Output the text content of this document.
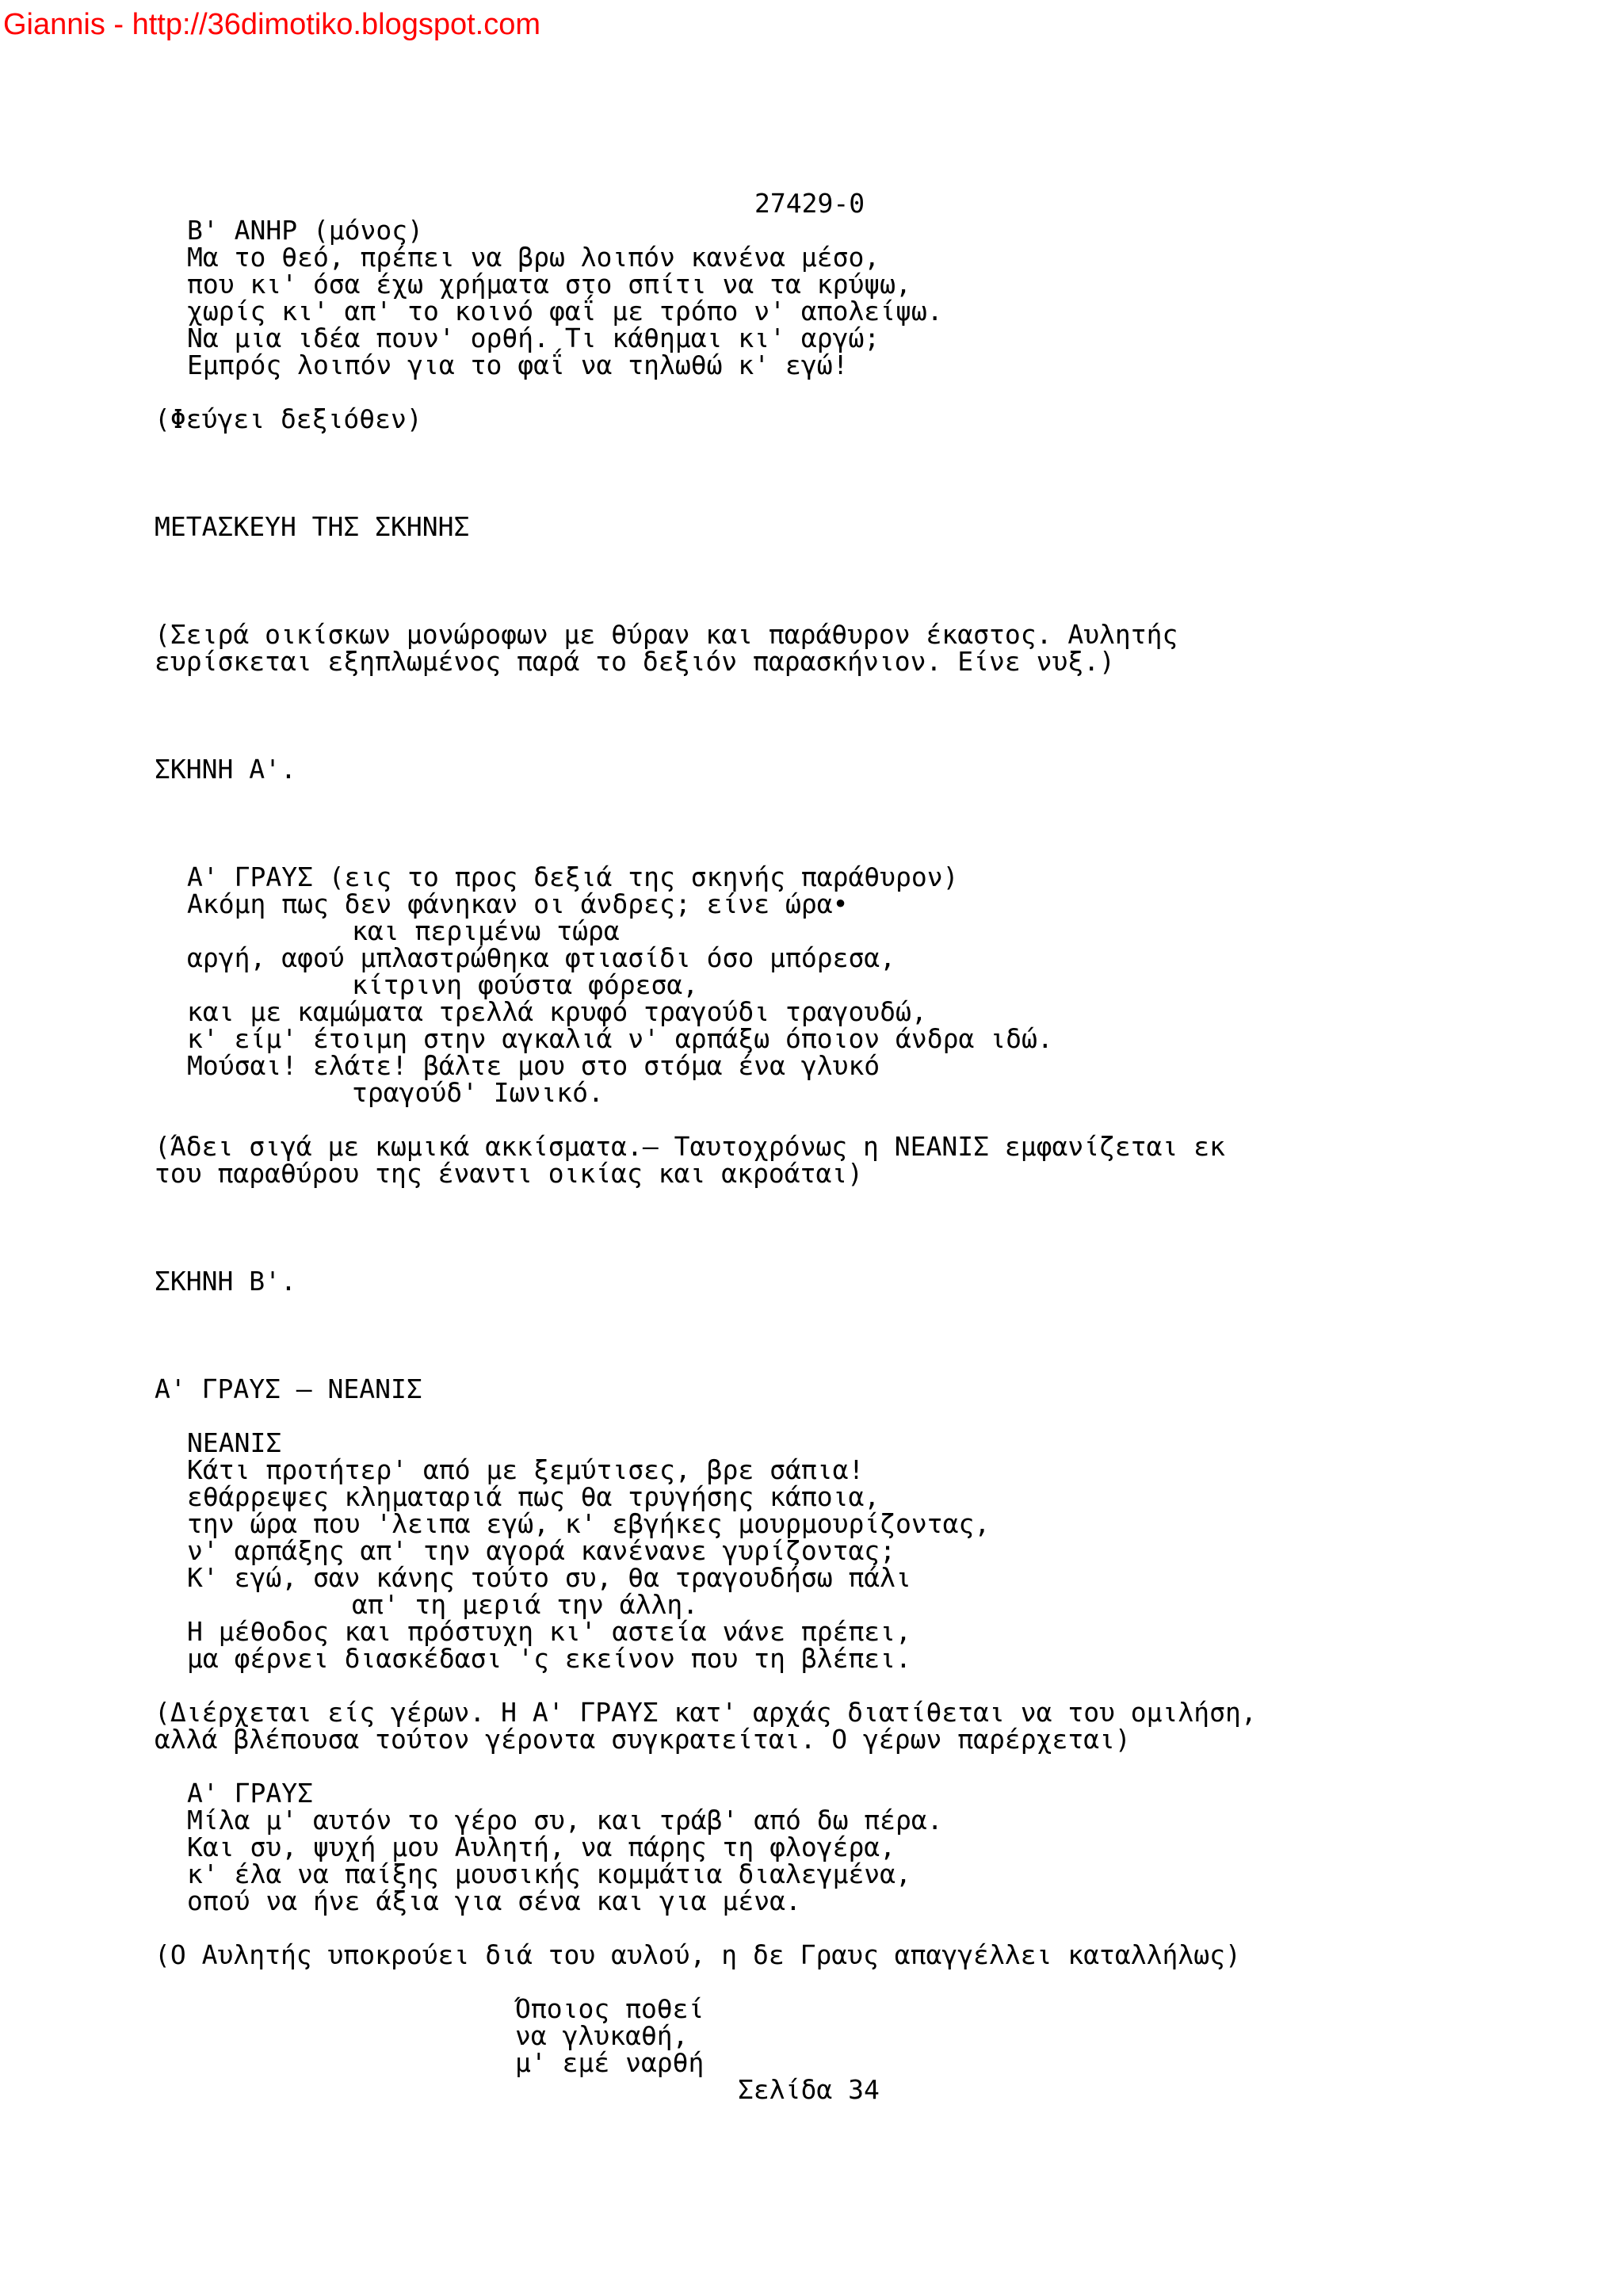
Giannis - http://36dimotiko.blogspot.com
27429-0
Β' ΑΝΗΡ (μόνος)
Μα το θεό, πρέπει να βρω λοιπόν κανένα μέσο,
που κι' όσα έχω χρήματα στο σπίτι να τα κρύψω,
χωρίς κι' απ' το κοινό φαΐ με τρόπο ν' απολείψω.
Να μια ιδέα πουν' ορθή. Τι κάθημαι κι' αργώ;
Εμπρός λοιπόν για το φαΐ να τηλωθώ κ' εγώ!
(Φεύγει δεξιόθεν)
ΜΕΤΑΣΚΕΥΗ ΤΗΣ ΣΚΗΝΗΣ
(Σειρά οικίσκων μονώροφων με θύραν και παράθυρον έκαστος. Αυλητής
ευρίσκεται εξηπλωμένος παρά το δεξιόν παρασκήνιον. Είνε νυξ.)
ΣΚΗΝΗ Α'.
Α' ΓΡΑΥΣ (εις το προς δεξιά της σκηνής παράθυρον)
Ακόμη πως δεν φάνηκαν οι άνδρες; είνε ώρα•
και περιμένω τώρα
αργή, αφού μπλαστρώθηκα φτιασίδι όσο μπόρεσα,
κίτρινη φούστα φόρεσα,
και με καμώματα τρελλά κρυφό τραγούδι τραγουδώ,
κ' είμ' έτοιμη στην αγκαλιά ν' αρπάξω όποιον άνδρα ιδώ.
Μούσαι! ελάτε! βάλτε μου στο στόμα ένα γλυκό
τραγούδ' Ιωνικό.
(Άδει σιγά με κωμικά ακκίσματα.— Ταυτοχρόνως η ΝΕΑΝΙΣ εμφανίζεται εκ
του παραθύρου της έναντι οικίας και ακροάται)
ΣΚΗΝΗ Β'.
Α' ΓΡΑΥΣ — ΝΕΑΝΙΣ
ΝΕΑΝΙΣ
Κάτι προτήτερ' από με ξεμύτισες, βρε σάπια!
εθάρρεψες κληματαριά πως θα τρυγήσης κάποια,
την ώρα που 'λειπα εγώ, κ' εβγήκες μουρμουρίζοντας,
ν' αρπάξης απ' την αγορά κανένανε γυρίζοντας;
Κ' εγώ, σαν κάνης τούτο συ, θα τραγουδήσω πάλι
απ' τη μεριά την άλλη.
Η μέθοδος και πρόστυχη κι' αστεία νάνε πρέπει,
μα φέρνει διασκέδασι 'ς εκείνον που τη βλέπει.
(Διέρχεται είς γέρων. Η Α' ΓΡΑΥΣ κατ' αρχάς διατίθεται να του ομιλήση,
αλλά βλέπουσα τούτον γέροντα συγκρατείται. Ο γέρων παρέρχεται)
Α' ΓΡΑΥΣ
Μίλα μ' αυτόν το γέρο συ, και τράβ' από δω πέρα.
Και συ, ψυχή μου Αυλητή, να πάρης τη φλογέρα,
κ' έλα να παίξης μουσικής κομμάτια διαλεγμένα,
οπού να ήνε άξια για σένα και για μένα.
(Ο Αυλητής υποκρούει διά του αυλού, η δε Γραυς απαγγέλλει καταλλήλως)
Όποιος ποθεί
να γλυκαθή,
μ' εμέ ναρθή
Σελίδα 34
